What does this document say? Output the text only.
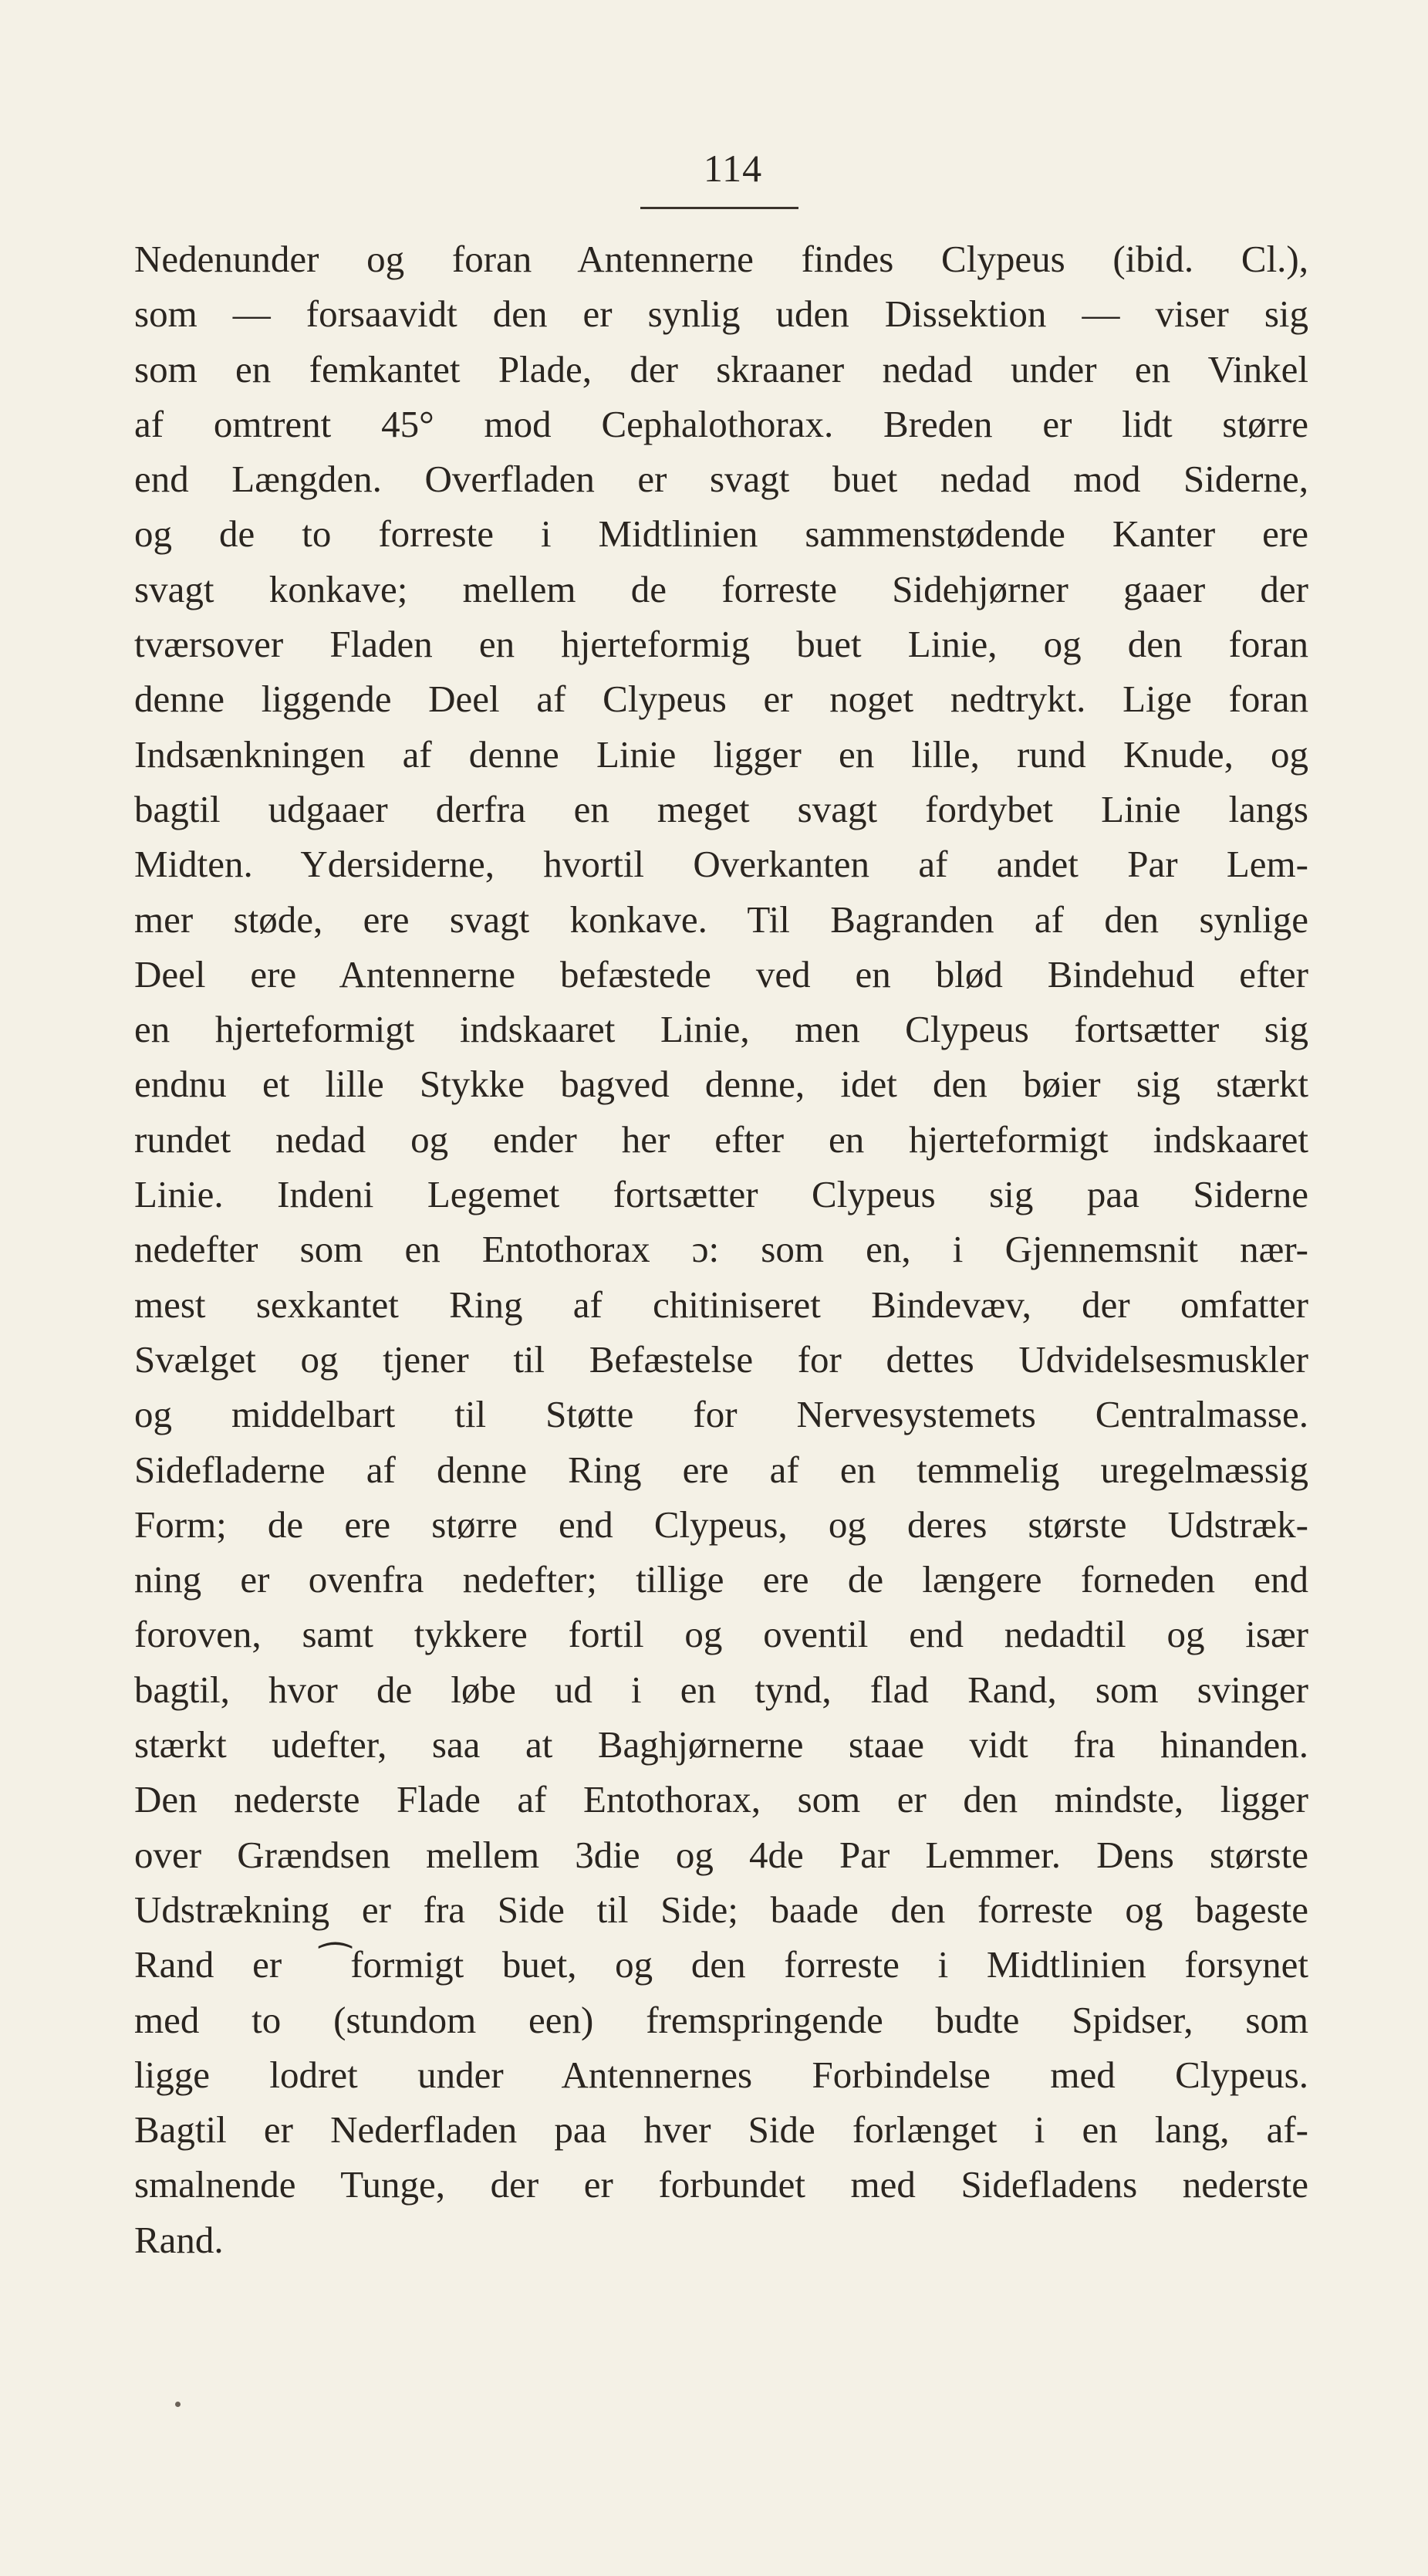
114
Nedenunder og foran Antennerne findes Clypeus (ibid. Cl.),
som — forsaavidt den er synlig uden Dissektion — viser sig
som en femkantet Plade, der skraaner nedad under en Vinkel
af omtrent 45° mod Cephalothorax. Breden er lidt større
end Længden. Overfladen er svagt buet nedad mod Siderne,
og de to forreste i Midtlinien sammenstødende Kanter ere
svagt konkave; mellem de forreste Sidehjørner gaaer der
tværsover Fladen en hjerteformig buet Linie, og den foran
denne liggende Deel af Clypeus er noget nedtrykt. Lige foran
Indsænkningen af denne Linie ligger en lille, rund Knude, og
bagtil udgaaer derfra en meget svagt fordybet Linie langs
Midten. Ydersiderne, hvortil Overkanten af andet Par Lem-
mer støde, ere svagt konkave. Til Bagranden af den synlige
Deel ere Antennerne befæstede ved en blød Bindehud efter
en hjerteformigt indskaaret Linie, men Clypeus fortsætter sig
endnu et lille Stykke bagved denne, idet den bøier sig stærkt
rundet nedad og ender her efter en hjerteformigt indskaaret
Linie. Indeni Legemet fortsætter Clypeus sig paa Siderne
nedefter som en Entothorax ɔ: som en, i Gjennemsnit nær-
mest sexkantet Ring af chitiniseret Bindevæv, der omfatter
Svælget og tjener til Befæstelse for dettes Udvidelsesmuskler
og middelbart til Støtte for Nervesystemets Centralmasse.
Sidefladerne af denne Ring ere af en temmelig uregelmæssig
Form; de ere større end Clypeus, og deres største Udstræk-
ning er ovenfra nedefter; tillige ere de længere forneden end
foroven, samt tykkere fortil og oventil end nedadtil og især
bagtil, hvor de løbe ud i en tynd, flad Rand, som svinger
stærkt udefter, saa at Baghjørnerne staae vidt fra hinanden.
Den nederste Flade af Entothorax, som er den mindste, ligger
over Grændsen mellem 3die og 4de Par Lemmer. Dens største
Udstrækning er fra Side til Side; baade den forreste og bageste
Rand er ⁀formigt buet, og den forreste i Midtlinien forsynet
med to (stundom een) fremspringende budte Spidser, som
ligge lodret under Antennernes Forbindelse med Clypeus.
Bagtil er Nederfladen paa hver Side forlænget i en lang, af-
smalnende Tunge, der er forbundet med Sidefladens nederste
Rand.
